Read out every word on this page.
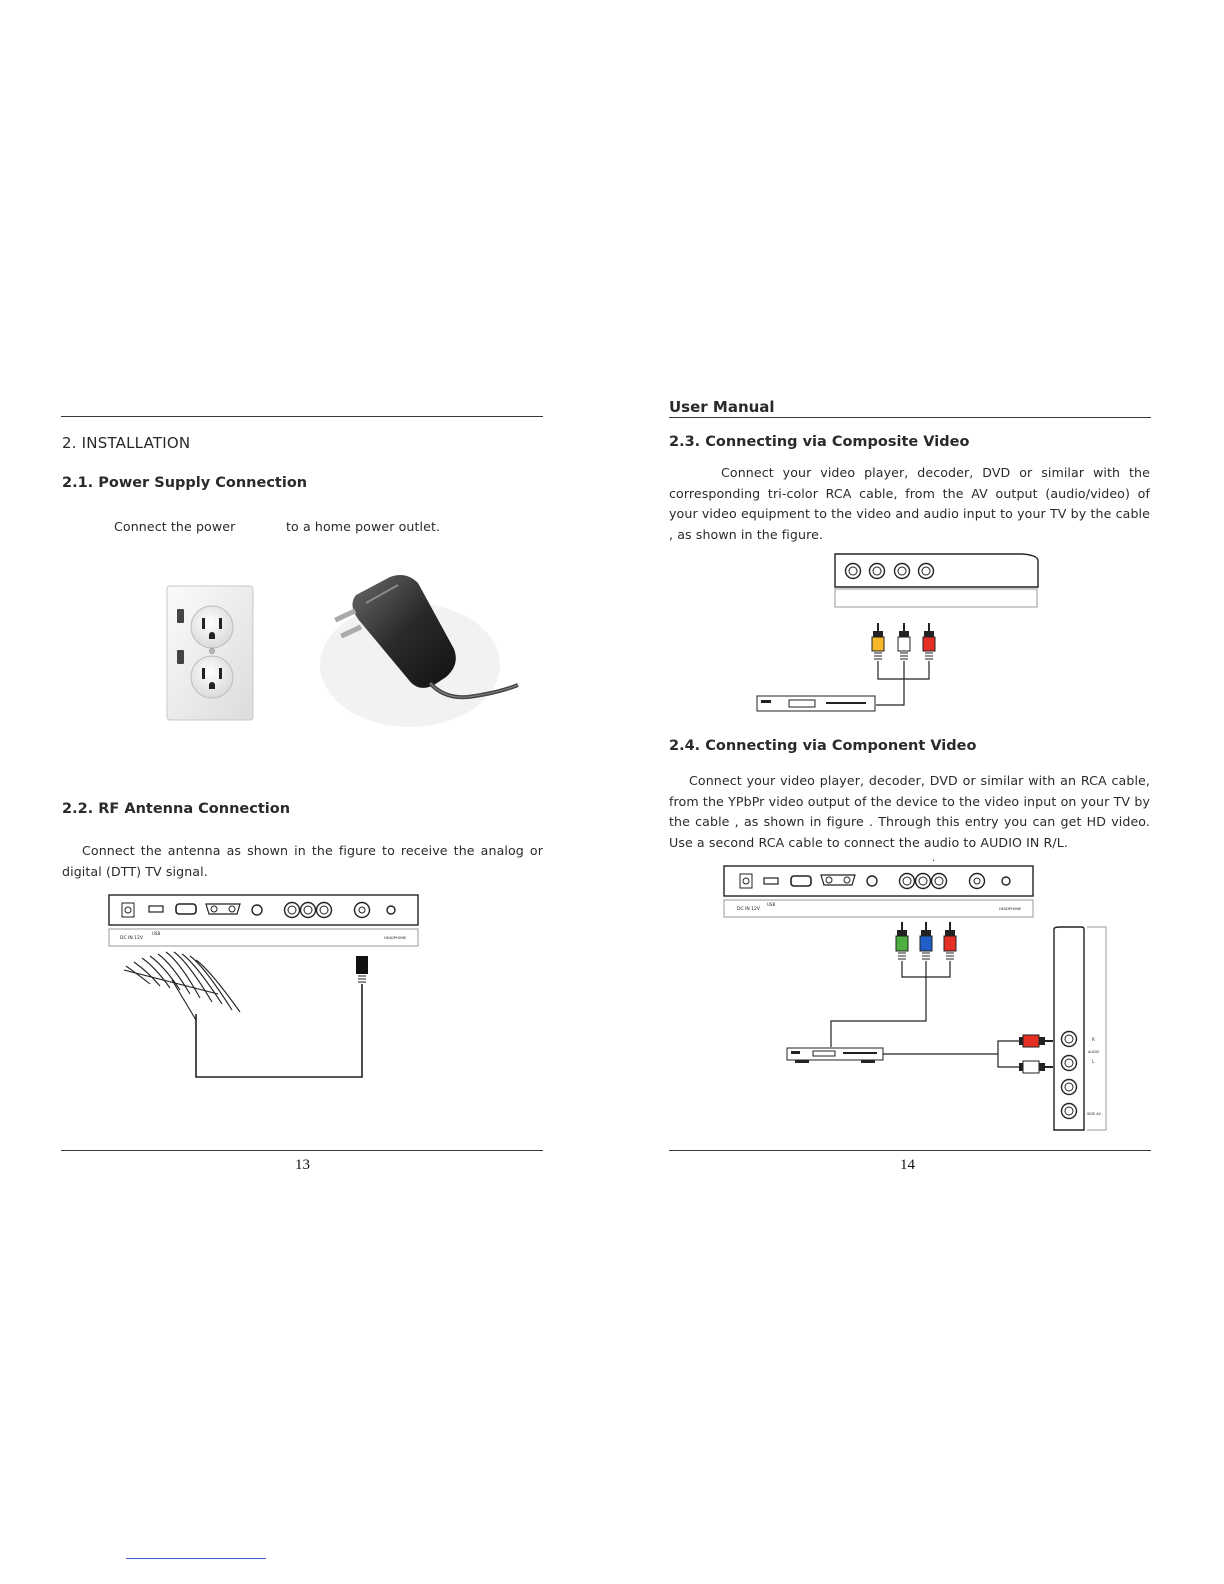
2. INSTALLATION
2.1. Power Supply Connection
Connect the power	to a home power outlet.
2.2. RF Antenna Connection
Connect the antenna as shown in the figure to receive the analog or digital (DTT) TV signal.
DC IN 12V
USB
HEADPHONE
13
User Manual
2.3. Connecting via Composite Video
Connect your video player, decoder, DVD or similar with the corresponding tri-color RCA cable, from the AV output (audio/video) of your video equipment to the video and audio input to your TV by the cable , as shown in the figure.
2.4. Connecting via Component Video
Connect your video player, decoder, DVD or similar with an RCA cable, from the YPbPr video output of the device to the video input on your TV by the cable , as shown in figure . Through this entry you can get HD video. Use a second RCA cable to connect the audio to AUDIO IN R/L.
.
DC IN 12V
USB
HEADPHONE
R
AUDIO
L
SIDE AV
14
